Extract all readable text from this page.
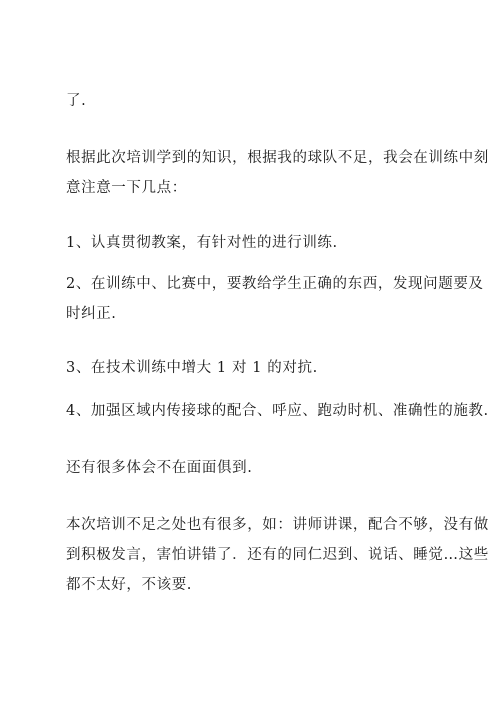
了.

根据此次培训学到的知识，根据我的球队不足，我会在训练中刻
意注意一下几点：

1、认真贯彻教案，有针对性的进行训练.

2、在训练中、比赛中，要教给学生正确的东西，发现问题要及
时纠正.

3、在技术训练中增大 1 对 1 的对抗.

4、加强区域内传接球的配合、呼应、跑动时机、准确性的施教.

还有很多体会不在面面俱到.

本次培训不足之处也有很多，如：讲师讲课，配合不够，没有做
到积极发言，害怕讲错了．还有的同仁迟到、说话、睡觉…这些
都不太好，不该要.
